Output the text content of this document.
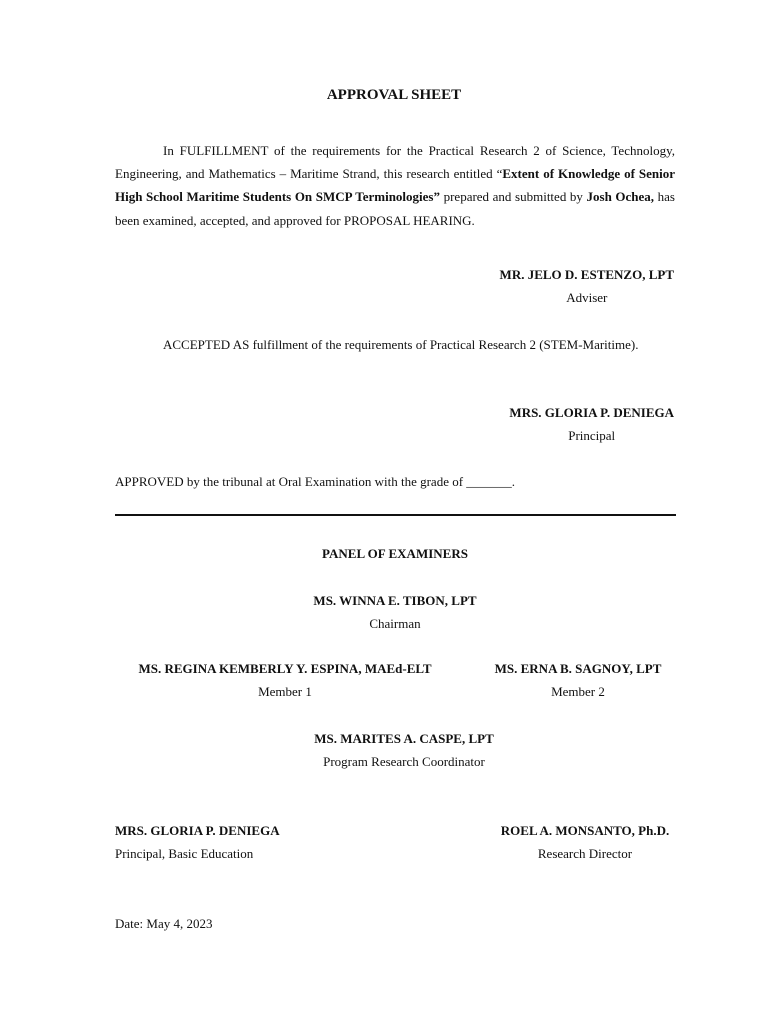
APPROVAL SHEET
In FULFILLMENT of the requirements for the Practical Research 2 of Science, Technology, Engineering, and Mathematics – Maritime Strand, this research entitled “Extent of Knowledge of Senior High School Maritime Students On SMCP Terminologies” prepared and submitted by Josh Ochea, has been examined, accepted, and approved for PROPOSAL HEARING.
MR. JELO D. ESTENZO, LPT
Adviser
ACCEPTED AS fulfillment of the requirements of Practical Research 2 (STEM-Maritime).
MRS. GLORIA P. DENIEGA
Principal
APPROVED by the tribunal at Oral Examination with the grade of _______.
PANEL OF EXAMINERS
MS. WINNA E. TIBON, LPT
Chairman
MS. REGINA KEMBERLY Y. ESPINA, MAEd-ELT
Member 1
MS. ERNA B. SAGNOY, LPT
Member 2
MS. MARITES A. CASPE, LPT
Program Research Coordinator
MRS. GLORIA P. DENIEGA
Principal, Basic Education
ROEL A. MONSANTO, Ph.D.
Research Director
Date: May 4, 2023
